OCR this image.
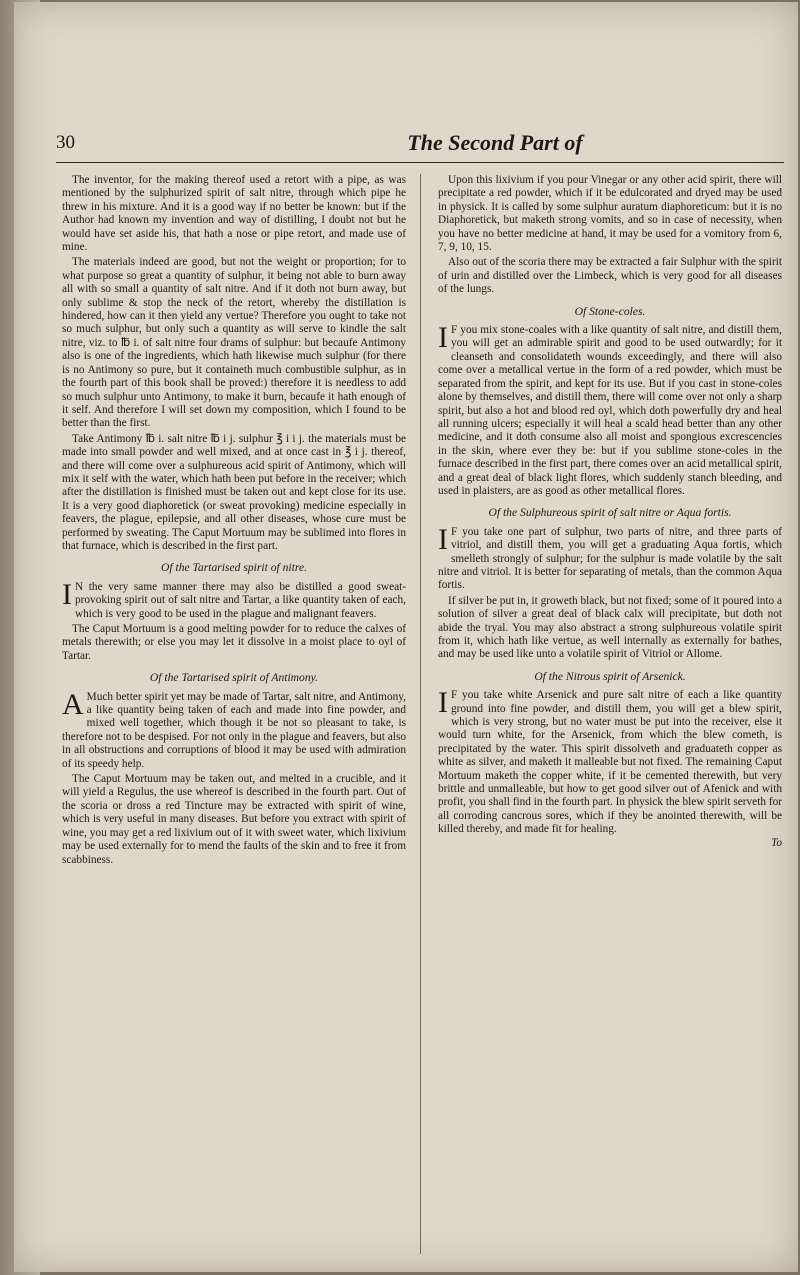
30	The Second Part of

The inventor, for the making thereof used a retort with a pipe, as was mentioned by the sulphurized spirit of salt nitre, through which pipe he threw in his mixture. And it is a good way if no better be known: but if the Author had known my invention and way of distilling, I doubt not but he would have set aside his, that hath a nose or pipe retort, and made use of mine.

The materials indeed are good, but not the weight or proportion; for to what purpose so great a quantity of sulphur, it being not able to burn away all with so small a quantity of salt nitre. And if it doth not burn away, but only sublime & stop the neck of the retort, whereby the distillation is hindered, how can it then yield any vertue? Therefore you ought to take not so much sulphur, but only such a quantity as will serve to kindle the salt nitre, viz. to ℔ i. of salt nitre four drams of sulphur: but becaufe Antimony also is one of the ingredients, which hath likewise much sulphur (for there is no Antimony so pure, but it containeth much combustible sulphur, as in the fourth part of this book shall be proved:) therefore it is needless to add so much sulphur unto Antimony, to make it burn, becaufe it hath enough of it self. And therefore I will set down my composition, which I found to be better than the first.

Take Antimony ℔ i. salt nitre ℔ i j. sulphur ℥ i i j. the materials must be made into small powder and well mixed, and at once cast in ℥ i j. thereof, and there will come over a sulphureous acid spirit of Antimony, which will mix it self with the water, which hath been put before in the receiver; which after the distillation is finished must be taken out and kept close for its use. It is a very good diaphoretick (or sweat provoking) medicine especially in feavers, the plague, epilepsie, and all other diseases, whose cure must be performed by sweating. The Caput Mortuum may be sublimed into flores in that furnace, which is described in the first part.

Of the Tartarised spirit of nitre.

IN the very same manner there may also be distilled a good sweat-provoking spirit out of salt nitre and Tartar, a like quantity taken of each, which is very good to be used in the plague and malignant feavers.

The Caput Mortuum is a good melting powder for to reduce the calxes of metals therewith; or else you may let it dissolve in a moist place to oyl of Tartar.

Of the Tartarised spirit of Antimony.

AMuch better spirit yet may be made of Tartar, salt nitre, and Antimony, a like quantity being taken of each and made into fine powder, and mixed well together, which though it be not so pleasant to take, is therefore not to be despised. For not only in the plague and feavers, but also in all obstructions and corruptions of blood it may be used with admiration of its speedy help.

The Caput Mortuum may be taken out, and melted in a crucible, and it will yield a Regulus, the use whereof is described in the fourth part. Out of the scoria or dross a red Tincture may be extracted with spirit of wine, which is very useful in many diseases. But before you extract with spirit of wine, you may get a red lixivium out of it with sweet water, which lixivium may be used externally for to mend the faults of the skin and to free it from scabbiness.

Upon this lixivium if you pour Vinegar or any other acid spirit, there will precipitate a red powder, which if it be edulcorated and dryed may be used in physick. It is called by some sulphur auratum diaphoreticum: but it is no Diaphoretick, but maketh strong vomits, and so in case of necessity, when you have no better medicine at hand, it may be used for a vomitory from 6, 7, 9, 10, 15.

Also out of the scoria there may be extracted a fair Sulphur with the spirit of urin and distilled over the Limbeck, which is very good for all diseases of the lungs.

Of Stone-coles.

IF you mix stone-coales with a like quantity of salt nitre, and distill them, you will get an admirable spirit and good to be used outwardly; for it cleanseth and consolidateth wounds exceedingly, and there will also come over a metallical vertue in the form of a red powder, which must be separated from the spirit, and kept for its use. But if you cast in stone-coles alone by themselves, and distill them, there will come over not only a sharp spirit, but also a hot and blood red oyl, which doth powerfully dry and heal all running ulcers; especially it will heal a scald head better than any other medicine, and it doth consume also all moist and spongious excrescencies in the skin, where ever they be: but if you sublime stone-coles in the furnace described in the first part, there comes over an acid metallical spirit, and a great deal of black light flores, which suddenly stanch bleeding, and used in plaisters, are as good as other metallical flores.

Of the Sulphureous spirit of salt nitre or Aqua fortis.

IF you take one part of sulphur, two parts of nitre, and three parts of vitriol, and distill them, you will get a graduating Aqua fortis, which smelleth strongly of sulphur; for the sulphur is made volatile by the salt nitre and vitriol. It is better for separating of metals, than the common Aqua fortis.

If silver be put in, it groweth black, but not fixed; some of it poured into a solution of silver a great deal of black calx will precipitate, but doth not abide the tryal. You may also abstract a strong sulphureous volatile spirit from it, which hath like vertue, as well internally as externally for bathes, and may be used like unto a volatile spirit of Vitriol or Allome.

Of the Nitrous spirit of Arsenick.

IF you take white Arsenick and pure salt nitre of each a like quantity ground into fine powder, and distill them, you will get a blew spirit, which is very strong, but no water must be put into the receiver, else it would turn white, for the Arsenick, from which the blew cometh, is precipitated by the water. This spirit dissolveth and graduateth copper as white as silver, and maketh it malleable but not fixed. The remaining Caput Mortuum maketh the copper white, if it be cemented therewith, but very brittle and unmalleable, but how to get good silver out of Afenick and with profit, you shall find in the fourth part. In physick the blew spirit serveth for all corroding cancrous sores, which if they be anointed therewith, will be killed thereby, and made fit for healing.

To
